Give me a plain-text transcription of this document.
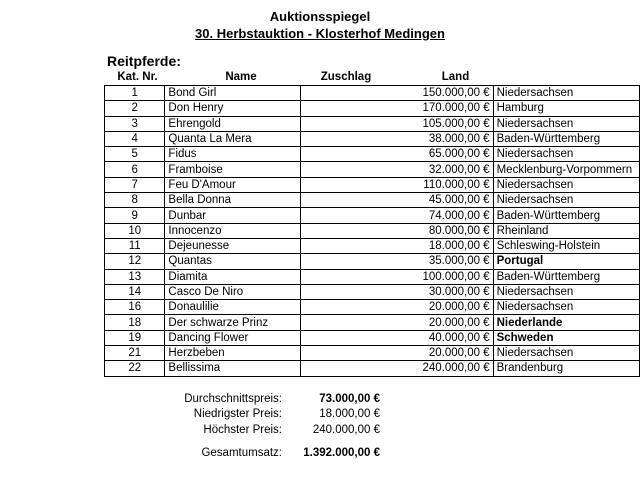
Auktionsspiegel
30. Herbstauktion - Klosterhof Medingen
Reitpferde:
Kat. Nr.	Name	Zuschlag	Land
1	Bond Girl	150.000,00 €	Niedersachsen
2	Don Henry	170.000,00 €	Hamburg
3	Ehrengold	105.000,00 €	Niedersachsen
4	Quanta La Mera	38.000,00 €	Baden-Württemberg
5	Fidus	65.000,00 €	Niedersachsen
6	Framboise	32.000,00 €	Mecklenburg-Vorpommern
7	Feu D'Amour	110.000,00 €	Niedersachsen
8	Bella Donna	45.000,00 €	Niedersachsen
9	Dunbar	74.000,00 €	Baden-Württemberg
10	Innocenzo	80.000,00 €	Rheinland
11	Dejeunesse	18.000,00 €	Schleswing-Holstein
12	Quantas	35.000,00 €	Portugal
13	Diamita	100.000,00 €	Baden-Württemberg
14	Casco De Niro	30.000,00 €	Niedersachsen
16	Donaulilie	20.000,00 €	Niedersachsen
18	Der schwarze Prinz	20.000,00 €	Niederlande
19	Dancing Flower	40.000,00 €	Schweden
21	Herzbeben	20.000,00 €	Niedersachsen
22	Bellissima	240.000,00 €	Brandenburg
Durchschnittspreis:	73.000,00 €
Niedrigster Preis:	18.000,00 €
Höchster Preis:	240.000,00 €
Gesamtumsatz:	1.392.000,00 €
